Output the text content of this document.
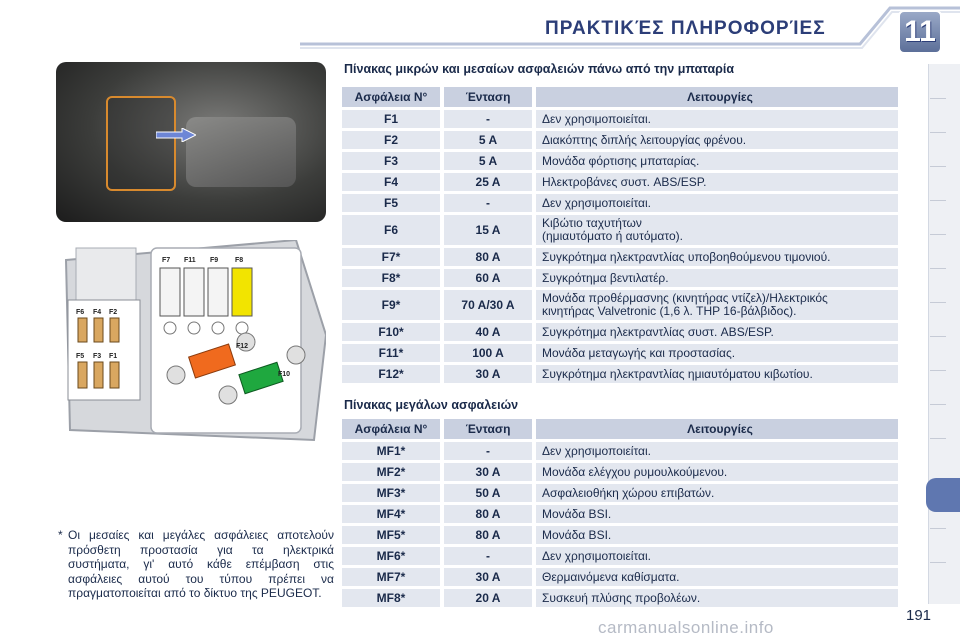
ΠΡΑΚΤΙΚΈΣ ΠΛΗΡΟΦΟΡΊΕΣ	11
F7 F11 F9 F8
F6 F4 F2
F5 F3 F1
F12
F10
* Οι μεσαίες και μεγάλες ασφάλειες αποτελούν πρόσθετη προστασία για τα ηλεκτρικά συστήματα, γι' αυτό κάθε επέμβαση στις ασφάλειες αυτού του τύπου πρέπει να πραγματοποιείται από το δίκτυο της PEUGEOT.
Πίνακας μικρών και μεσαίων ασφαλειών πάνω από την μπαταρία
Ασφάλεια N°	Ένταση	Λειτουργίες
F1	-	Δεν χρησιμοποιείται.
F2	5 A	Διακόπτης διπλής λειτουργίας φρένου.
F3	5 A	Μονάδα φόρτισης μπαταρίας.
F4	25 A	Ηλεκτροβάνες συστ. ABS/ESP.
F5	-	Δεν χρησιμοποιείται.
F6	15 A	Κιβώτιο ταχυτήτων
(ημιαυτόματο ή αυτόματο).
F7*	80 A	Συγκρότημα ηλεκτραντλίας υποβοηθούμενου τιμονιού.
F8*	60 A	Συγκρότημα βεντιλατέρ.
F9*	70 A/30 A	Μονάδα προθέρμασνης (κινητήρας ντίζελ)/Ηλεκτρικός
κινητήρας Valvetronic (1,6 λ. THP 16-βάλβιδος).
F10*	40 A	Συγκρότημα ηλεκτραντλίας συστ. ABS/ESP.
F11*	100 A	Μονάδα μεταγωγής και προστασίας.
F12*	30 A	Συγκρότημα ηλεκτραντλίας ημιαυτόματου κιβωτίου.
Πίνακας μεγάλων ασφαλειών
Ασφάλεια N°	Ένταση	Λειτουργίες
MF1*	-	Δεν χρησιμοποιείται.
MF2*	30 A	Μονάδα ελέγχου ρυμουλκούμενου.
MF3*	50 A	Ασφαλειοθήκη χώρου επιβατών.
MF4*	80 A	Μονάδα BSI.
MF5*	80 A	Μονάδα BSI.
MF6*	-	Δεν χρησιμοποιείται.
MF7*	30 A	Θερμαινόμενα καθίσματα.
MF8*	20 A	Συσκευή πλύσης προβολέων.
191
carmanualsonline.info
